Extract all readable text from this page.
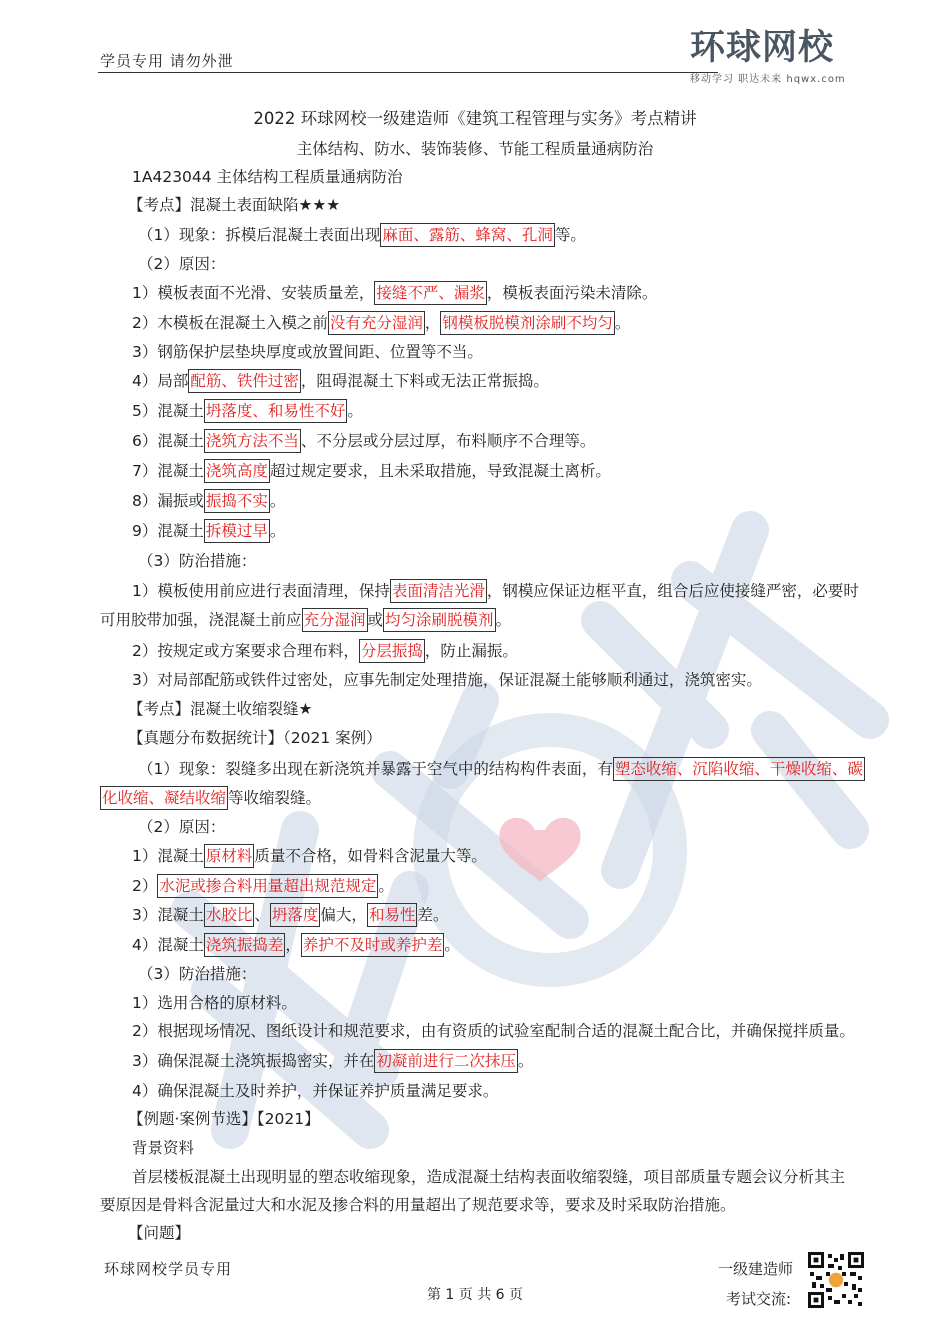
学员专用 请勿外泄	环球网校
移动学习 职达未来 hqwx.com
2022 环球网校一级建造师《建筑工程管理与实务》考点精讲
主体结构、防水、装饰装修、节能工程质量通病防治
1A423044 主体结构工程质量通病防治
【考点】混凝土表面缺陷★★★
（1）现象：拆模后混凝土表面出现 麻面、露筋、蜂窝、孔洞 等。
（2）原因：
1）模板表面不光滑、安装质量差， 接缝不严、漏浆 ，模板表面污染未清除。
2）木模板在混凝土入模之前 没有充分湿润 ， 钢模板脱模剂涂刷不均匀 。
3）钢筋保护层垫块厚度或放置间距、位置等不当。
4）局部 配筋、铁件过密 ，阻碍混凝土下料或无法正常振捣。
5）混凝土 坍落度、和易性不好 。
6）混凝土 浇筑方法不当 、不分层或分层过厚，布料顺序不合理等。
7）混凝土 浇筑高度 超过规定要求，且未采取措施，导致混凝土离析。
8）漏振或 振捣不实 。
9）混凝土 拆模过早 。
（3）防治措施：
1）模板使用前应进行表面清理，保持 表面清洁光滑 ，钢模应保证边框平直，组合后应使接缝严密，必要时
可用胶带加强，浇混凝土前应 充分湿润 或 均匀涂刷脱模剂 。
2）按规定或方案要求合理布料， 分层振捣 ，防止漏振。
3）对局部配筋或铁件过密处，应事先制定处理措施，保证混凝土能够顺利通过，浇筑密实。
【考点】混凝土收缩裂缝★
【真题分布数据统计】（2021 案例）
（1）现象：裂缝多出现在新浇筑并暴露于空气中的结构构件表面，有 塑态收缩、沉陷收缩、干燥收缩、碳
化收缩、凝结收缩 等收缩裂缝。
（2）原因：
1）混凝土 原材料 质量不合格，如骨料含泥量大等。
2） 水泥或掺合料用量超出规范规定 。
3）混凝土 水胶比 、 坍落度 偏大， 和易性 差。
4）混凝土 浇筑振捣差 ， 养护不及时或养护差 。
（3）防治措施：
1）选用合格的原材料。
2）根据现场情况、图纸设计和规范要求，由有资质的试验室配制合适的混凝土配合比，并确保搅拌质量。
3）确保混凝土浇筑振捣密实，并在 初凝前进行二次抹压 。
4）确保混凝土及时养护，并保证养护质量满足要求。
【例题·案例节选】【2021】
背景资料
首层楼板混凝土出现明显的塑态收缩现象，造成混凝土结构表面收缩裂缝，项目部质量专题会议分析其主
要原因是骨料含泥量过大和水泥及掺合料的用量超出了规范要求等，要求及时采取防治措施。
【问题】
环球网校学员专用
第 1 页 共 6 页
一级建造师
考试交流:
